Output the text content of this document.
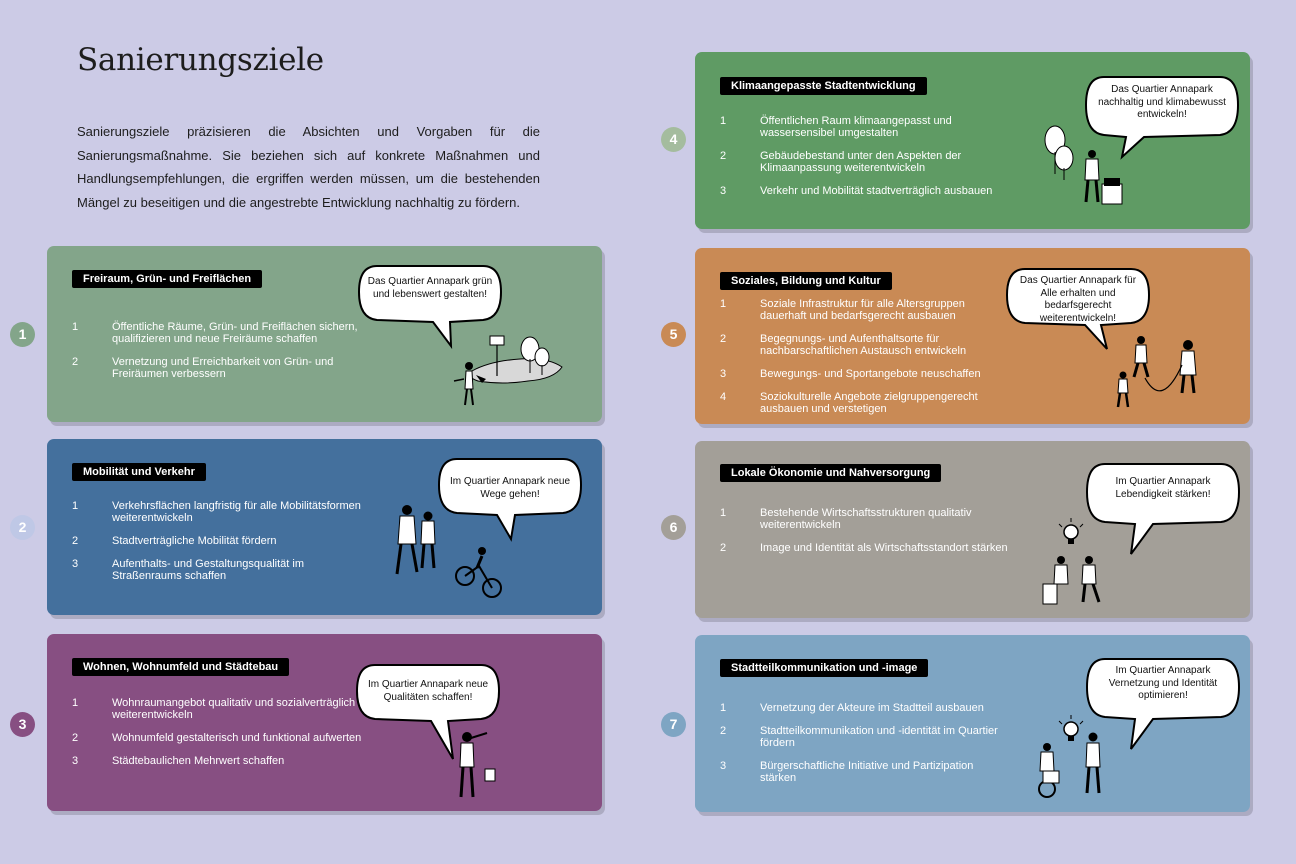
Sanierungsziele

Sanierungsziele präzisieren die Absichten und Vorgaben für die Sanierungsmaßnahme. Sie beziehen sich auf konkrete Maßnahmen und Handlungsempfehlungen, die ergriffen werden müssen, um die bestehenden Mängel zu beseitigen und die angestrebte Entwicklung nachhaltig zu fördern.

1
Freiraum, Grün- und Freiflächen
1	Öffentliche Räume, Grün- und Freiflächen sichern, qualifizieren und neue Freiräume schaffen
2	Vernetzung und Erreichbarkeit von Grün- und Freiräumen verbessern
Das Quartier Annapark grün und lebenswert gestalten!
2
Mobilität und Verkehr
1	Verkehrsflächen langfristig für alle Mobilitätsformen weiterentwickeln
2	Stadtverträgliche Mobilität fördern
3	Aufenthalts- und Gestaltungsqualität im Straßenraums schaffen
Im Quartier Annapark neue Wege gehen!
3
Wohnen, Wohnumfeld und Städtebau
1	Wohnraumangebot qualitativ und sozialverträglich weiterentwickeln
2	Wohnumfeld gestalterisch und funktional aufwerten
3	Städtebaulichen Mehrwert schaffen
Im Quartier Annapark neue Qualitäten schaffen!
4
Klimaangepasste Stadtentwicklung
1	Öffentlichen Raum klimaangepasst und wassersensibel umgestalten
2	Gebäudebestand unter den Aspekten der Klimaanpassung weiterentwickeln
3	Verkehr und Mobilität stadtverträglich ausbauen
Das Quartier Annapark nachhaltig und klimabewusst entwickeln!
5
Soziales, Bildung und Kultur
1	Soziale Infrastruktur für alle Altersgruppen dauerhaft und bedarfsgerecht ausbauen
2	Begegnungs- und Aufenthaltsorte für nachbarschaftlichen Austausch entwickeln
3	Bewegungs- und Sportangebote neuschaffen
4	Soziokulturelle Angebote zielgruppengerecht ausbauen und verstetigen
Das Quartier Annapark für Alle erhalten und bedarfsgerecht weiterentwickeln!
6
Lokale Ökonomie und Nahversorgung
1	Bestehende Wirtschaftsstrukturen qualitativ weiterentwickeln
2	Image und Identität als Wirtschaftsstandort stärken
Im Quartier Annapark Lebendigkeit stärken!
7
Stadtteilkommunikation und -image
1	Vernetzung der Akteure im Stadtteil ausbauen
2	Stadtteilkommunikation und -identität im Quartier fördern
3	Bürgerschaftliche Initiative und Partizipation stärken
Im Quartier Annapark Vernetzung und Identität optimieren!
